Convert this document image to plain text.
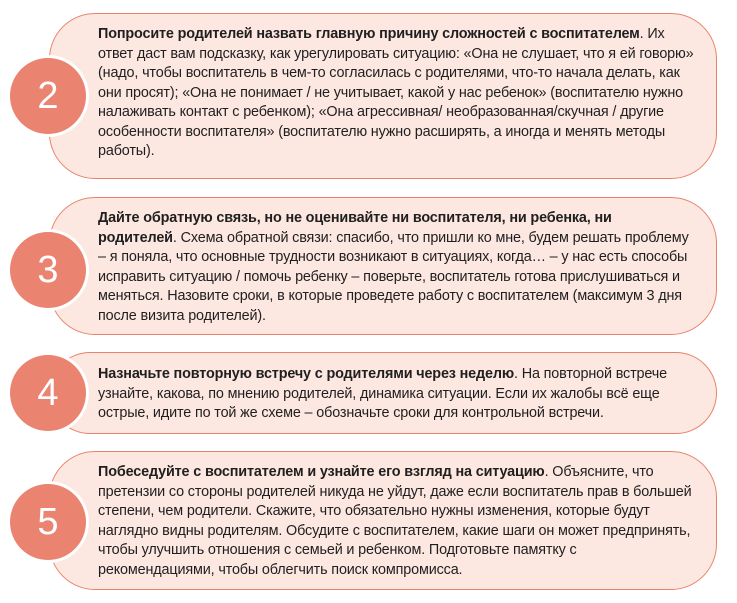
Попросите родителей назвать главную причину сложностей с воспитателем. Их ответ даст вам подсказку, как урегулировать ситуацию: «Она не слушает, что я ей говорю» (надо, чтобы воспитатель в чем-то согласилась с родителями, что-то начала делать, как они просят); «Она не понимает / не учитывает, какой у нас ребенок» (воспитателю нужно налаживать контакт с ребенком); «Она агрессивная/ необразованная/скучная / другие особенности воспитателя» (воспитателю нужно расширять, а иногда и менять методы работы).
2
Дайте обратную связь, но не оценивайте ни воспитателя, ни ребенка, ни родителей. Схема обратной связи: спасибо, что пришли ко мне, будем решать проблему – я поняла, что основные трудности возникают в ситуациях, когда… – у нас есть способы исправить ситуацию / помочь ребенку – поверьте, воспитатель готова прислушиваться и меняться. Назовите сроки, в которые проведете работу с воспитателем (максимум 3 дня после визита родителей).
3
Назначьте повторную встречу с родителями через неделю. На повторной встрече узнайте, какова, по мнению родителей, динамика ситуации. Если их жалобы всё еще острые, идите по той же схеме – обозначьте сроки для контрольной встречи.
4
Побеседуйте с воспитателем и узнайте его взгляд на ситуацию. Объясните, что претензии со стороны родителей никуда не уйдут, даже если воспитатель прав в большей степени, чем родители. Скажите, что обязательно нужны изменения, которые будут наглядно видны родителям. Обсудите с воспитателем, какие шаги он может предпринять, чтобы улучшить отношения с семьей и ребенком. Подготовьте памятку с рекомендациями, чтобы облегчить поиск компромисса.
5
